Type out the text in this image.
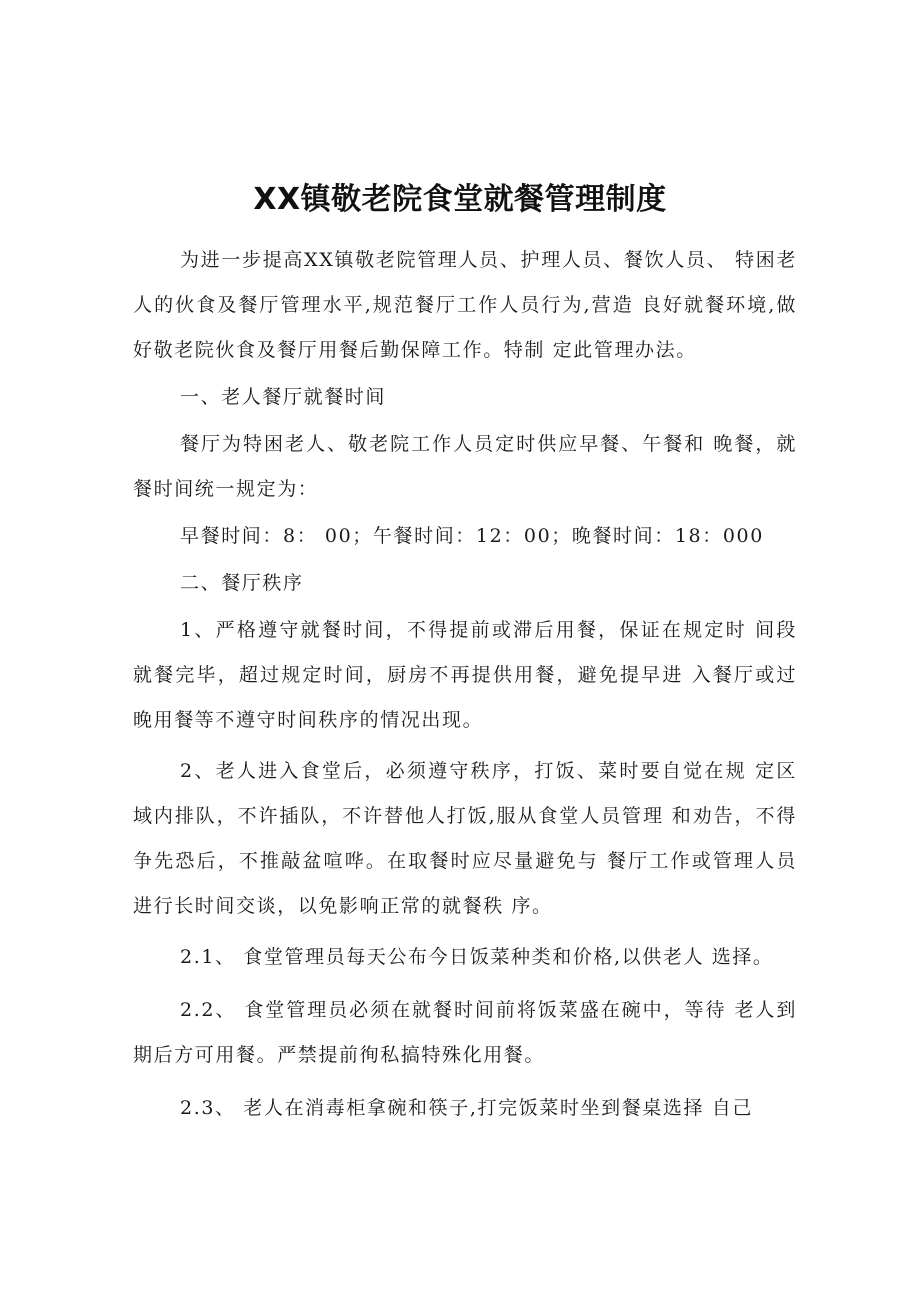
XX镇敬老院食堂就餐管理制度

为进一步提高XX镇敬老院管理人员、护理人员、餐饮人员、 特困老人的伙食及餐厅管理水平,规范餐厅工作人员行为,营造 良好就餐环境,做好敬老院伙食及餐厅用餐后勤保障工作。特制 定此管理办法。

一、老人餐厅就餐时间

餐厅为特困老人、敬老院工作人员定时供应早餐、午餐和 晚餐，就餐时间统一规定为：

早餐时间：8： 00；午餐时间：12：00；晚餐时间：18：000

二、餐厅秩序

1、严格遵守就餐时间，不得提前或滞后用餐，保证在规定时 间段就餐完毕，超过规定时间，厨房不再提供用餐，避免提早进 入餐厅或过晚用餐等不遵守时间秩序的情况出现。

2、老人进入食堂后，必须遵守秩序，打饭、菜时要自觉在规 定区域内排队，不许插队，不许替他人打饭,服从食堂人员管理 和劝告，不得争先恐后，不推敲盆喧哗。在取餐时应尽量避免与 餐厅工作或管理人员进行长时间交谈，以免影响正常的就餐秩 序。

2.1、 食堂管理员每天公布今日饭菜种类和价格,以供老人 选择。

2.2、 食堂管理员必须在就餐时间前将饭菜盛在碗中，等待 老人到期后方可用餐。严禁提前徇私搞特殊化用餐。

2.3、 老人在消毒柜拿碗和筷子,打完饭菜时坐到餐桌选择 自己
